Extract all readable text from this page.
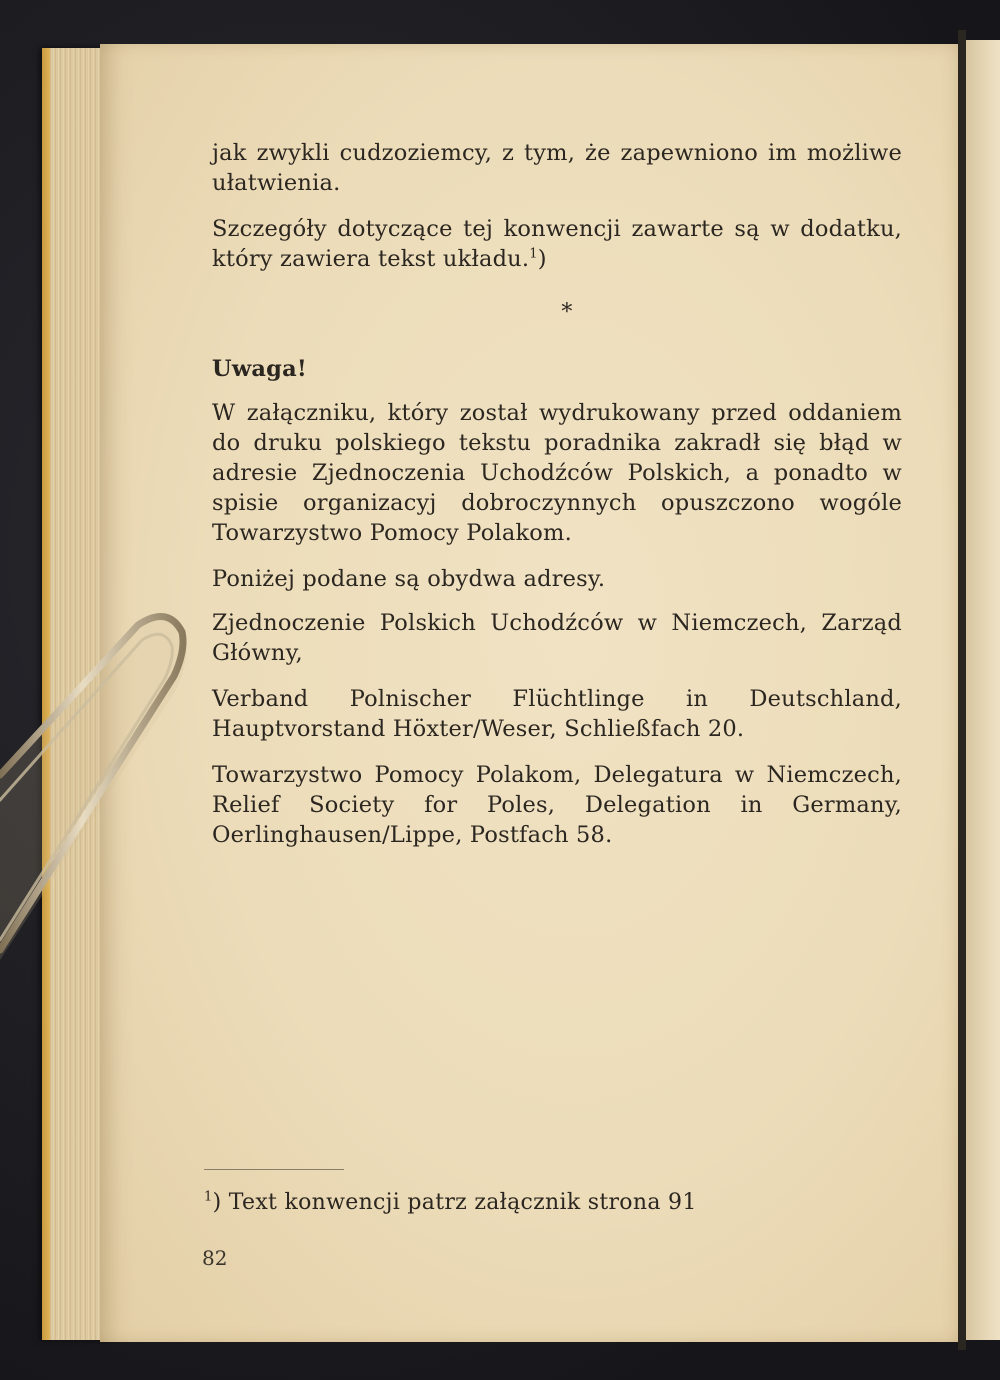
jak zwykli cudzoziemcy, z tym, że zapewniono im możliwe ułatwienia.

Szczegóły dotyczące tej konwencji zawarte są w dodatku, który zawiera tekst układu.$^1$)

*
Uwaga!

W załączniku, który został wydrukowany przed oddaniem do druku polskiego tekstu poradnika zakradł się błąd w adresie Zjednoczenia Uchodźców Polskich, a ponadto w spisie organizacyj dobroczynnych opuszczono wogóle Towarzystwo Pomocy Polakom.

Poniżej podane są obydwa adresy.

Zjednoczenie Polskich Uchodźców w Niemczech, Zarząd Główny,

Verband Polnischer Flüchtlinge in Deutschland, Hauptvorstand Höxter/Weser, Schließfach 20.

Towarzystwo Pomocy Polakom, Delegatura w Niemczech, Relief Society for Poles, Delegation in Germany, Oerlinghausen/Lippe, Postfach 58.

$^1$) Text konwencji patrz załącznik strona 91
82
